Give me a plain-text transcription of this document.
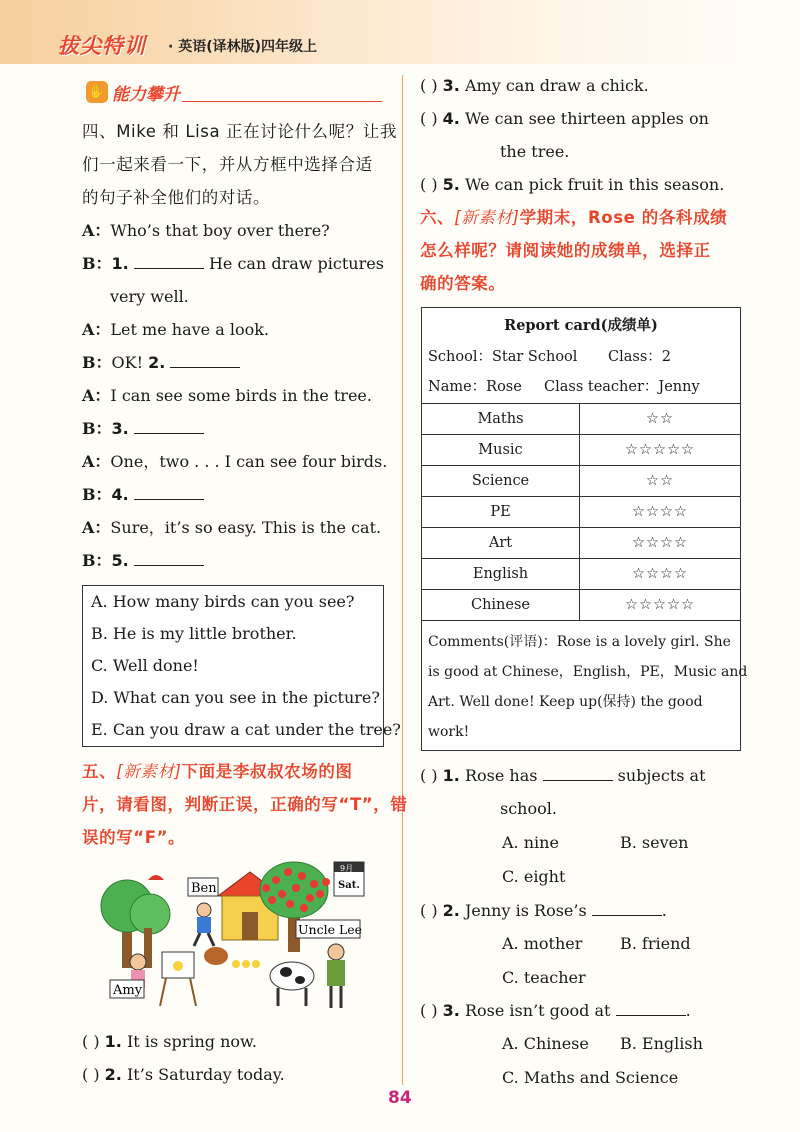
拔尖特训 · 英语(译林版)四年级上
✋ 能力攀升
四、Mike 和 Lisa 正在讨论什么呢？让我
们一起来看一下，并从方框中选择合适
的句子补全他们的对话。
A：Who’s that boy over there?
B：1.	He can draw pictures
very well.
A：Let me have a look.
B：OK! 2.
A：I can see some birds in the tree.
B：3.
A：One，two . . . I can see four birds.
B：4.
A：Sure，it’s so easy. This is the cat.
B：5.
A. How many birds can you see?
B. He is my little brother.
C. Well done!
D. What can you see in the picture?
E. Can you draw a cat under the tree?
五、[新素材]下面是李叔叔农场的图
片，请看图，判断正误，正确的写“T”，错
误的写“F”。
9月
Sat.
Ben
Uncle Lee
Amy
( ) 1. It is spring now.
( ) 2. It’s Saturday today.
( ) 3. Amy can draw a chick.
( ) 4. We can see thirteen apples on
the tree.
( ) 5. We can pick fruit in this season.
六、[新素材]学期末，Rose 的各科成绩
怎么样呢？请阅读她的成绩单，选择正
确的答案。
Report card(成绩单)
School：Star School Class：2
Name：Rose Class teacher：Jenny
Maths	☆☆
Music	☆☆☆☆☆
Science	☆☆
PE	☆☆☆☆
Art	☆☆☆☆
English	☆☆☆☆
Chinese	☆☆☆☆☆
Comments(评语)：Rose is a lovely girl. She
is good at Chinese，English，PE，Music and
Art. Well done! Keep up(保持) the good
work!
( ) 1. Rose has	subjects at
school.
A. nine	B. seven
C. eight
( ) 2. Jenny is Rose’s	.
A. mother B. friend
C. teacher
( ) 3. Rose isn’t good at	.
A. Chinese B. English
C. Maths and Science
84
